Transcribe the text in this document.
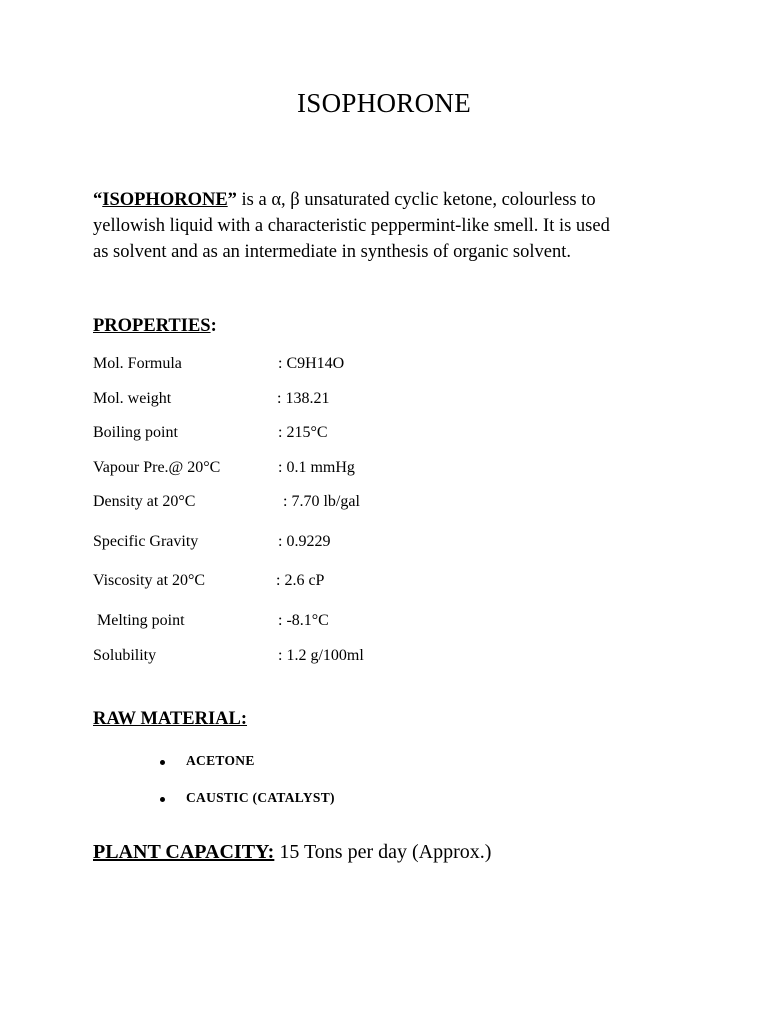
ISOPHORONE
“ISOPHORONE” is a α, β unsaturated cyclic ketone, colourless to
yellowish liquid with a characteristic peppermint-like smell. It is used
as solvent and as an intermediate in synthesis of organic solvent.
PROPERTIES:
Mol. Formula	: C9H14O
Mol. weight	: 138.21
Boiling point	: 215°C
Vapour Pre.@ 20°C	: 0.1 mmHg
Density at 20°C	: 7.70 lb/gal
Specific Gravity	: 0.9229
Viscosity at 20°C	: 2.6 cP
Melting point	: -8.1°C
Solubility	: 1.2 g/100ml
RAW MATERIAL:
ACETONE
CAUSTIC (CATALYST)
PLANT CAPACITY: 15 Tons per day (Approx.)
